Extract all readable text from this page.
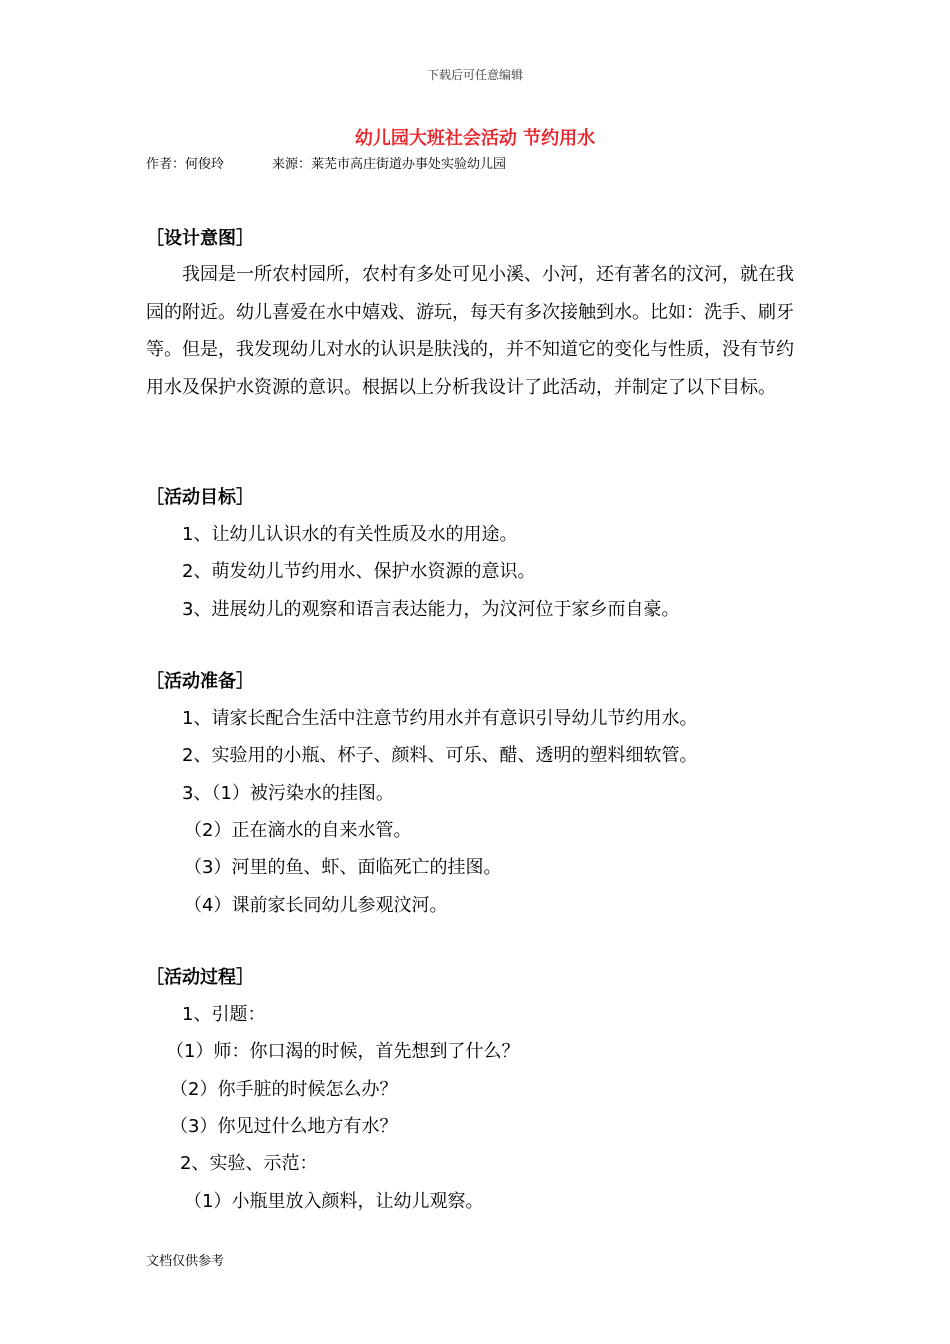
下载后可任意编辑
幼儿园大班社会活动 节约用水
作者：何俊玲	来源：莱芜市高庄街道办事处实验幼儿园
［设计意图］
我园是一所农村园所，农村有多处可见小溪、小河，还有著名的汶河，就在我园的附近。幼儿喜爱在水中嬉戏、游玩，每天有多次接触到水。比如：洗手、刷牙等。但是，我发现幼儿对水的认识是肤浅的，并不知道它的变化与性质，没有节约用水及保护水资源的意识。根据以上分析我设计了此活动，并制定了以下目标。
［活动目标］
1、让幼儿认识水的有关性质及水的用途。
2、萌发幼儿节约用水、保护水资源的意识。
3、进展幼儿的观察和语言表达能力，为汶河位于家乡而自豪。
［活动准备］
1、请家长配合生活中注意节约用水并有意识引导幼儿节约用水。
2、实验用的小瓶、杯子、颜料、可乐、醋、透明的塑料细软管。
3、（1）被污染水的挂图。
（2）正在滴水的自来水管。
（3）河里的鱼、虾、面临死亡的挂图。
（4）课前家长同幼儿参观汶河。
［活动过程］
1、引题：
（1）师：你口渴的时候，首先想到了什么？
（2）你手脏的时候怎么办？
（3）你见过什么地方有水？
2、实验、示范：
（1）小瓶里放入颜料，让幼儿观察。
文档仅供参考
